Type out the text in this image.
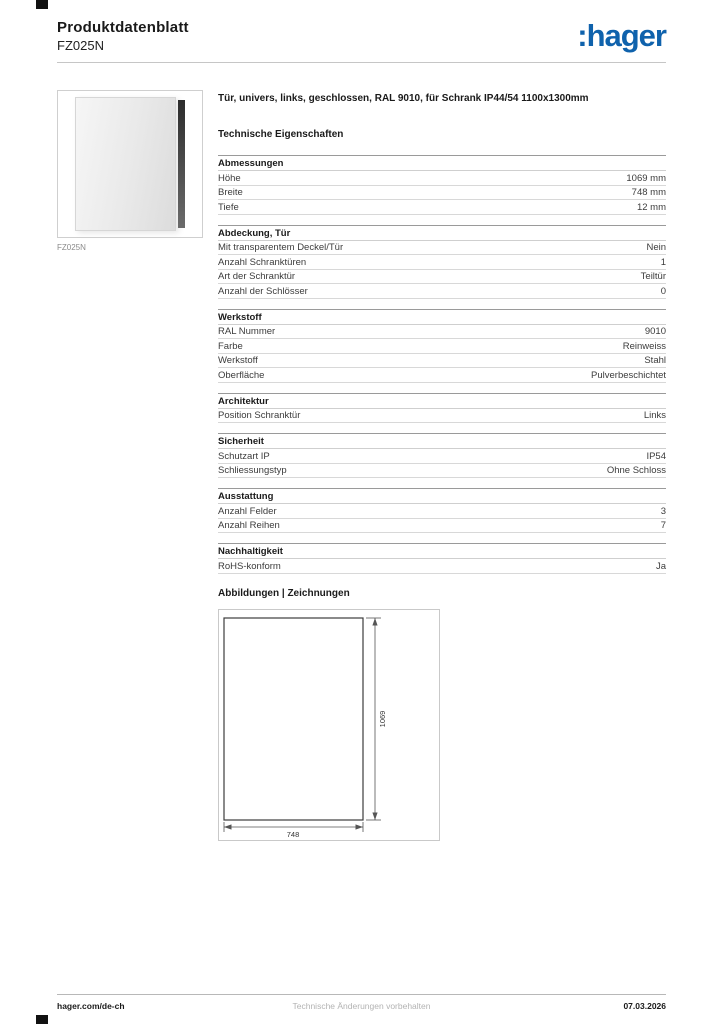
Produktdatenblatt
FZ025N	:hager
FZ025N
Tür, univers, links, geschlossen, RAL 9010, für Schrank IP44/54 1100x1300mm
Technische Eigenschaften
Abmessungen
Höhe	1069 mm
Breite	748 mm
Tiefe	12 mm
Abdeckung, Tür
Mit transparentem Deckel/Tür	Nein
Anzahl Schranktüren	1
Art der Schranktür	Teiltür
Anzahl der Schlösser	0
Werkstoff
RAL Nummer	9010
Farbe	Reinweiss
Werkstoff	Stahl
Oberfläche	Pulverbeschichtet
Architektur
Position Schranktür	Links
Sicherheit
Schutzart IP	IP54
Schliessungstyp	Ohne Schloss
Ausstattung
Anzahl Felder	3
Anzahl Reihen	7
Nachhaltigkeit
RoHS-konform	Ja
Abbildungen | Zeichnungen
1069
748
Technische Änderungen vorbehalten
hager.com/de-ch	07.03.2026
